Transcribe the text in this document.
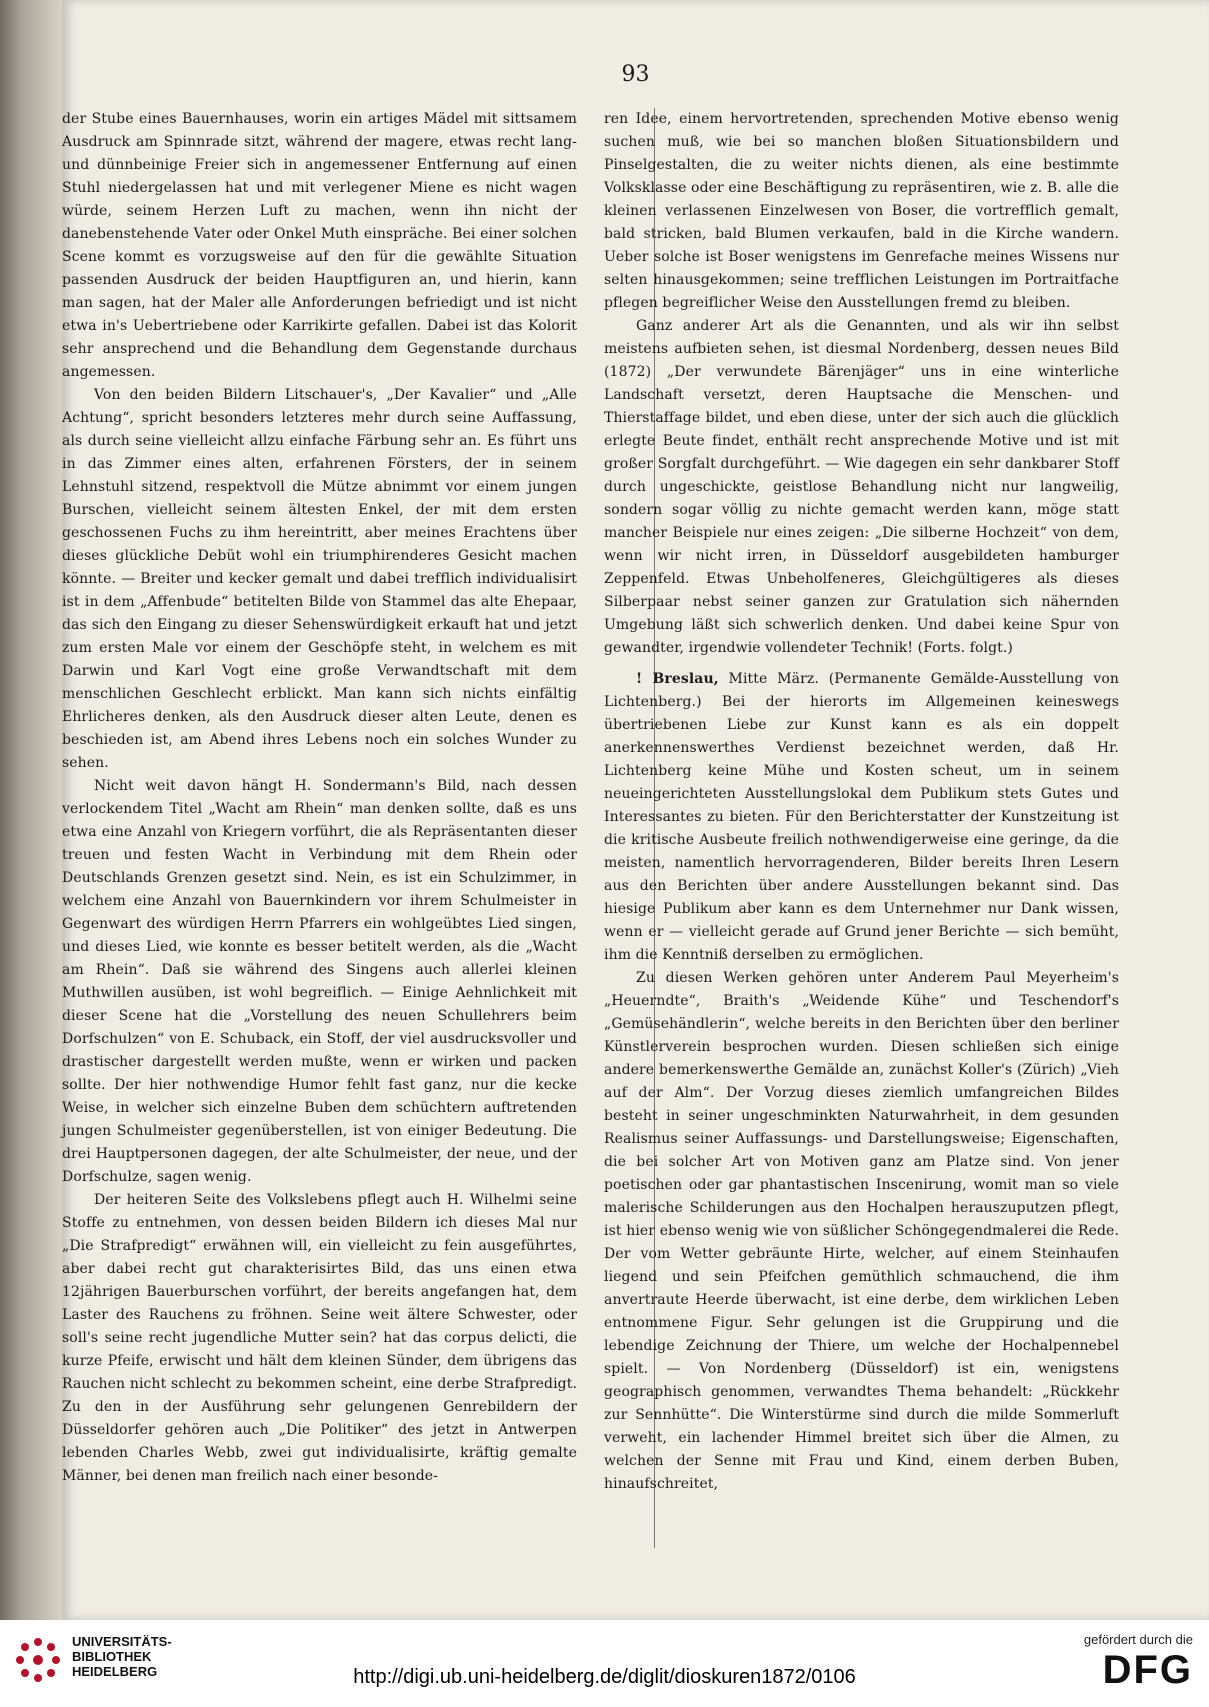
93

der Stube eines Bauernhauses, worin ein artiges Mädel mit sittsamem Ausdruck am Spinnrade sitzt, während der magere, etwas recht lang- und dünnbeinige Freier sich in angemessener Entfernung auf einen Stuhl niedergelassen hat und mit verlegener Miene es nicht wagen würde, seinem Herzen Luft zu machen, wenn ihn nicht der danebenstehende Vater oder Onkel Muth einspräche. Bei einer solchen Scene kommt es vorzugsweise auf den für die gewählte Situation passenden Ausdruck der beiden Hauptfiguren an, und hierin, kann man sagen, hat der Maler alle Anforderungen befriedigt und ist nicht etwa in's Uebertriebene oder Karrikirte gefallen. Dabei ist das Kolorit sehr ansprechend und die Behandlung dem Gegenstande durchaus angemessen.

Von den beiden Bildern Litschauer's, „Der Kavalier“ und „Alle Achtung“, spricht besonders letzteres mehr durch seine Auffassung, als durch seine vielleicht allzu einfache Färbung sehr an. Es führt uns in das Zimmer eines alten, erfahrenen Försters, der in seinem Lehnstuhl sitzend, respektvoll die Mütze abnimmt vor einem jungen Burschen, vielleicht seinem ältesten Enkel, der mit dem ersten geschossenen Fuchs zu ihm hereintritt, aber meines Erachtens über dieses glückliche Debüt wohl ein triumphirenderes Gesicht machen könnte. — Breiter und kecker gemalt und dabei trefflich individualisirt ist in dem „Affenbude“ betitelten Bilde von Stammel das alte Ehepaar, das sich den Eingang zu dieser Sehenswürdigkeit erkauft hat und jetzt zum ersten Male vor einem der Geschöpfe steht, in welchem es mit Darwin und Karl Vogt eine große Verwandtschaft mit dem menschlichen Geschlecht erblickt. Man kann sich nichts einfältig Ehrlicheres denken, als den Ausdruck dieser alten Leute, denen es beschieden ist, am Abend ihres Lebens noch ein solches Wunder zu sehen.

Nicht weit davon hängt H. Sondermann's Bild, nach dessen verlockendem Titel „Wacht am Rhein“ man denken sollte, daß es uns etwa eine Anzahl von Kriegern vorführt, die als Repräsentanten dieser treuen und festen Wacht in Verbindung mit dem Rhein oder Deutschlands Grenzen gesetzt sind. Nein, es ist ein Schulzimmer, in welchem eine Anzahl von Bauernkindern vor ihrem Schulmeister in Gegenwart des würdigen Herrn Pfarrers ein wohlgeübtes Lied singen, und dieses Lied, wie konnte es besser betitelt werden, als die „Wacht am Rhein“. Daß sie während des Singens auch allerlei kleinen Muthwillen ausüben, ist wohl begreiflich. — Einige Aehnlichkeit mit dieser Scene hat die „Vorstellung des neuen Schullehrers beim Dorfschulzen“ von E. Schuback, ein Stoff, der viel ausdrucksvoller und drastischer dargestellt werden mußte, wenn er wirken und packen sollte. Der hier nothwendige Humor fehlt fast ganz, nur die kecke Weise, in welcher sich einzelne Buben dem schüchtern auftretenden jungen Schulmeister gegenüberstellen, ist von einiger Bedeutung. Die drei Hauptpersonen dagegen, der alte Schulmeister, der neue, und der Dorfschulze, sagen wenig.

Der heiteren Seite des Volkslebens pflegt auch H. Wilhelmi seine Stoffe zu entnehmen, von dessen beiden Bildern ich dieses Mal nur „Die Strafpredigt“ erwähnen will, ein vielleicht zu fein ausgeführtes, aber dabei recht gut charakterisirtes Bild, das uns einen etwa 12jährigen Bauerburschen vorführt, der bereits angefangen hat, dem Laster des Rauchens zu fröhnen. Seine weit ältere Schwester, oder soll's seine recht jugendliche Mutter sein? hat das corpus delicti, die kurze Pfeife, erwischt und hält dem kleinen Sünder, dem übrigens das Rauchen nicht schlecht zu bekommen scheint, eine derbe Strafpredigt. Zu den in der Ausführung sehr gelungenen Genrebildern der Düsseldorfer gehören auch „Die Politiker“ des jetzt in Antwerpen lebenden Charles Webb, zwei gut individualisirte, kräftig gemalte Männer, bei denen man freilich nach einer besonde-

ren Idee, einem hervortretenden, sprechenden Motive ebenso wenig suchen muß, wie bei so manchen bloßen Situationsbildern und Pinselgestalten, die zu weiter nichts dienen, als eine bestimmte Volksklasse oder eine Beschäftigung zu repräsentiren, wie z. B. alle die kleinen verlassenen Einzelwesen von Boser, die vortrefflich gemalt, bald stricken, bald Blumen verkaufen, bald in die Kirche wandern. Ueber solche ist Boser wenigstens im Genrefache meines Wissens nur selten hinausgekommen; seine trefflichen Leistungen im Portraitfache pflegen begreiflicher Weise den Ausstellungen fremd zu bleiben.

Ganz anderer Art als die Genannten, und als wir ihn selbst meistens aufbieten sehen, ist diesmal Nordenberg, dessen neues Bild (1872) „Der verwundete Bärenjäger“ uns in eine winterliche Landschaft versetzt, deren Hauptsache die Menschen- und Thierstaffage bildet, und eben diese, unter der sich auch die glücklich erlegte Beute findet, enthält recht ansprechende Motive und ist mit großer Sorgfalt durchgeführt. — Wie dagegen ein sehr dankbarer Stoff durch ungeschickte, geistlose Behandlung nicht nur langweilig, sondern sogar völlig zu nichte gemacht werden kann, möge statt mancher Beispiele nur eines zeigen: „Die silberne Hochzeit“ von dem, wenn wir nicht irren, in Düsseldorf ausgebildeten hamburger Zeppenfeld. Etwas Unbeholfeneres, Gleichgültigeres als dieses Silberpaar nebst seiner ganzen zur Gratulation sich nähernden Umgebung läßt sich schwerlich denken. Und dabei keine Spur von gewandter, irgendwie vollendeter Technik! (Forts. folgt.)

! Breslau, Mitte März. (Permanente Gemälde-Ausstellung von Lichtenberg.) Bei der hierorts im Allgemeinen keineswegs übertriebenen Liebe zur Kunst kann es als ein doppelt anerkennenswerthes Verdienst bezeichnet werden, daß Hr. Lichtenberg keine Mühe und Kosten scheut, um in seinem neueingerichteten Ausstellungslokal dem Publikum stets Gutes und Interessantes zu bieten. Für den Berichterstatter der Kunstzeitung ist die kritische Ausbeute freilich nothwendigerweise eine geringe, da die meisten, namentlich hervorragenderen, Bilder bereits Ihren Lesern aus den Berichten über andere Ausstellungen bekannt sind. Das hiesige Publikum aber kann es dem Unternehmer nur Dank wissen, wenn er — vielleicht gerade auf Grund jener Berichte — sich bemüht, ihm die Kenntniß derselben zu ermöglichen.

Zu diesen Werken gehören unter Anderem Paul Meyerheim's „Heuerndte“, Braith's „Weidende Kühe“ und Teschendorf's „Gemüsehändlerin“, welche bereits in den Berichten über den berliner Künstlerverein besprochen wurden. Diesen schließen sich einige andere bemerkenswerthe Gemälde an, zunächst Koller's (Zürich) „Vieh auf der Alm“. Der Vorzug dieses ziemlich umfangreichen Bildes besteht in seiner ungeschminkten Naturwahrheit, in dem gesunden Realismus seiner Auffassungs- und Darstellungsweise; Eigenschaften, die bei solcher Art von Motiven ganz am Platze sind. Von jener poetischen oder gar phantastischen Inscenirung, womit man so viele malerische Schilderungen aus den Hochalpen herauszuputzen pflegt, ist hier ebenso wenig wie von süßlicher Schöngegendmalerei die Rede. Der vom Wetter gebräunte Hirte, welcher, auf einem Steinhaufen liegend und sein Pfeifchen gemüthlich schmauchend, die ihm anvertraute Heerde überwacht, ist eine derbe, dem wirklichen Leben entnommene Figur. Sehr gelungen ist die Gruppirung und die lebendige Zeichnung der Thiere, um welche der Hochalpennebel spielt. — Von Nordenberg (Düsseldorf) ist ein, wenigstens geographisch genommen, verwandtes Thema behandelt: „Rückkehr zur Sennhütte“. Die Winterstürme sind durch die milde Sommerluft verweht, ein lachender Himmel breitet sich über die Almen, zu welchen der Senne mit Frau und Kind, einem derben Buben, hinaufschreitet,

UNIVERSITÄTS-
BIBLIOTHEK
HEIDELBERG	http://digi.ub.uni-heidelberg.de/diglit/dioskuren1872/0106
gefördert durch die
DFG
